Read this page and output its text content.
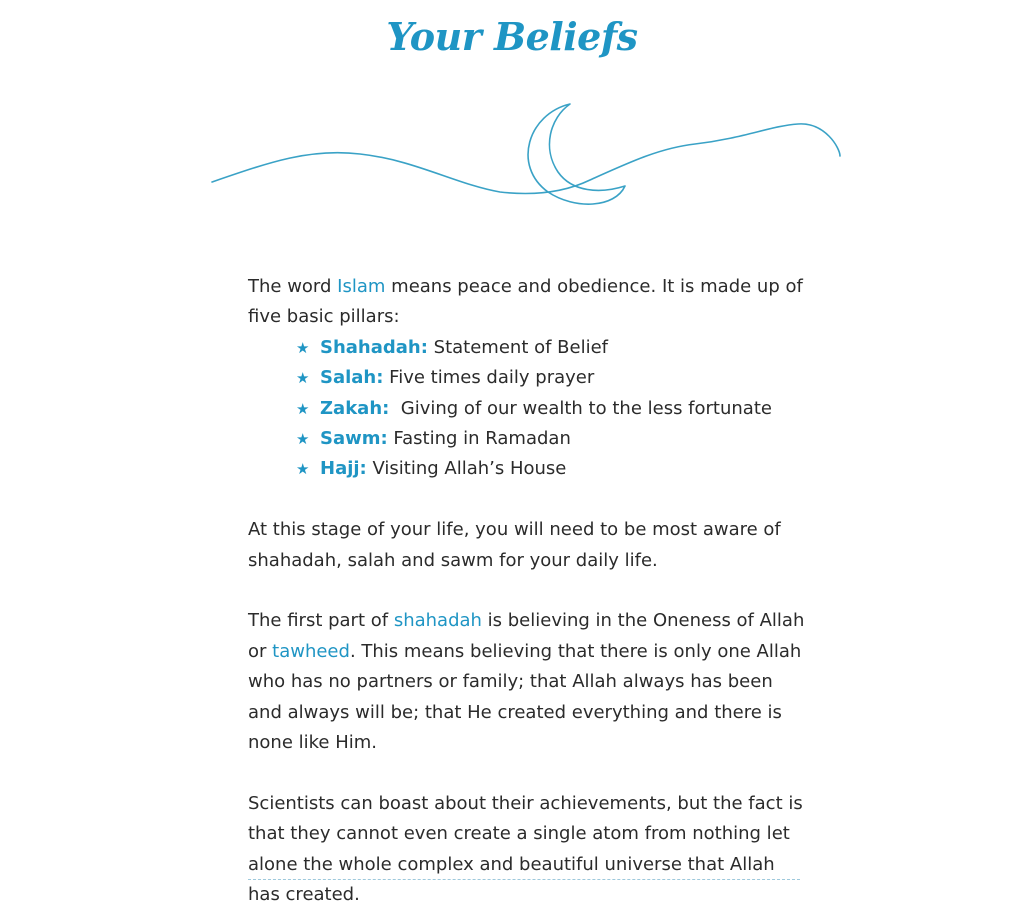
Your Beliefs

The word Islam means peace and obedience. It is made up of five basic pillars:

★ Shahadah: Statement of Belief
★ Salah: Five times daily prayer
★ Zakah:  Giving of our wealth to the less fortunate
★ Sawm: Fasting in Ramadan
★ Hajj: Visiting Allah’s House

At this stage of your life, you will need to be most aware of shahadah, salah and sawm for your daily life.

The first part of shahadah is believing in the Oneness of Allah or tawheed. This means believing that there is only one Allah who has no partners or family; that Allah always has been and always will be; that He created everything and there is none like Him.

Scientists can boast about their achievements, but the fact is that they cannot even create a single atom from nothing let alone the whole complex and beautiful universe that Allah has created.
